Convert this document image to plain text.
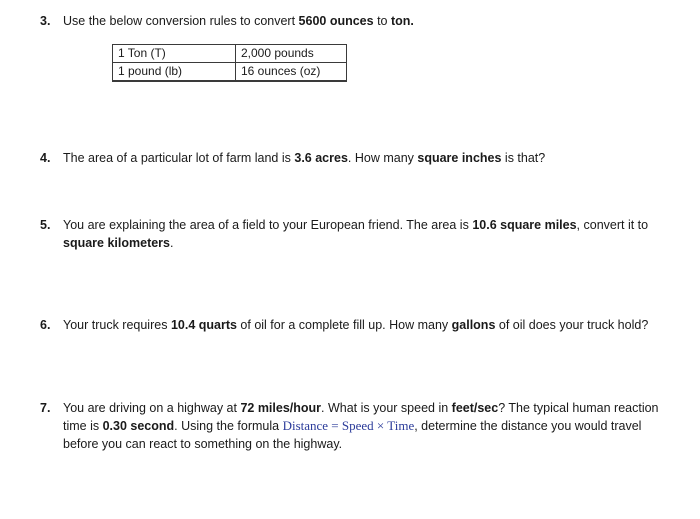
3. Use the below conversion rules to convert 5600 ounces to ton.
1 Ton (T)	2,000 pounds
1 pound (lb)	16 ounces (oz)
4. The area of a particular lot of farm land is 3.6 acres. How many square inches is that?
5. You are explaining the area of a field to your European friend. The area is 10.6 square miles, convert it to
square kilometers.
6. Your truck requires 10.4 quarts of oil for a complete fill up. How many gallons of oil does your truck hold?
7. You are driving on a highway at 72 miles/hour. What is your speed in feet/sec? The typical human reaction
time is 0.30 second. Using the formula Distance = Speed × Time, determine the distance you would travel
before you can react to something on the highway.
